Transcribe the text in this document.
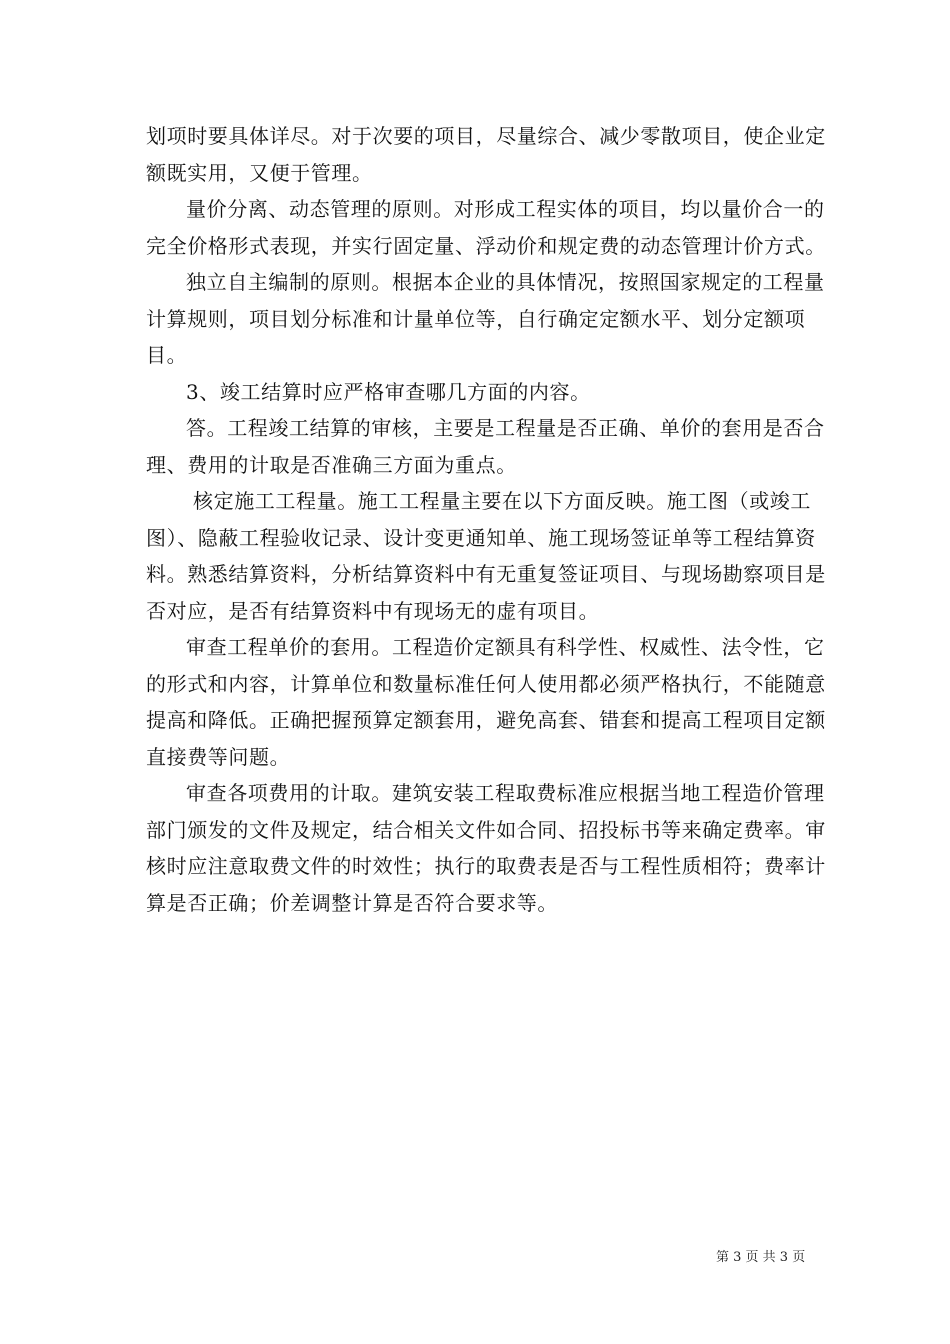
划项时要具体详尽。对于次要的项目，尽量综合、减少零散项目，使企业定额既实用，又便于管理。

量价分离、动态管理的原则。对形成工程实体的项目，均以量价合一的完全价格形式表现，并实行固定量、浮动价和规定费的动态管理计价方式。

独立自主编制的原则。根据本企业的具体情况，按照国家规定的工程量计算规则，项目划分标准和计量单位等，自行确定定额水平、划分定额项目。

3、竣工结算时应严格审查哪几方面的内容。

答。工程竣工结算的审核，主要是工程量是否正确、单价的套用是否合理、费用的计取是否准确三方面为重点。

核定施工工程量。施工工程量主要在以下方面反映。施工图（或竣工图）、隐蔽工程验收记录、设计变更通知单、施工现场签证单等工程结算资料。熟悉结算资料，分析结算资料中有无重复签证项目、与现场勘察项目是否对应，是否有结算资料中有现场无的虚有项目。

审查工程单价的套用。工程造价定额具有科学性、权威性、法令性，它的形式和内容，计算单位和数量标准任何人使用都必须严格执行，不能随意提高和降低。正确把握预算定额套用，避免高套、错套和提高工程项目定额直接费等问题。

审查各项费用的计取。建筑安装工程取费标准应根据当地工程造价管理部门颁发的文件及规定，结合相关文件如合同、招投标书等来确定费率。审核时应注意取费文件的时效性；执行的取费表是否与工程性质相符；费率计算是否正确；价差调整计算是否符合要求等。

第 3 页 共 3 页
